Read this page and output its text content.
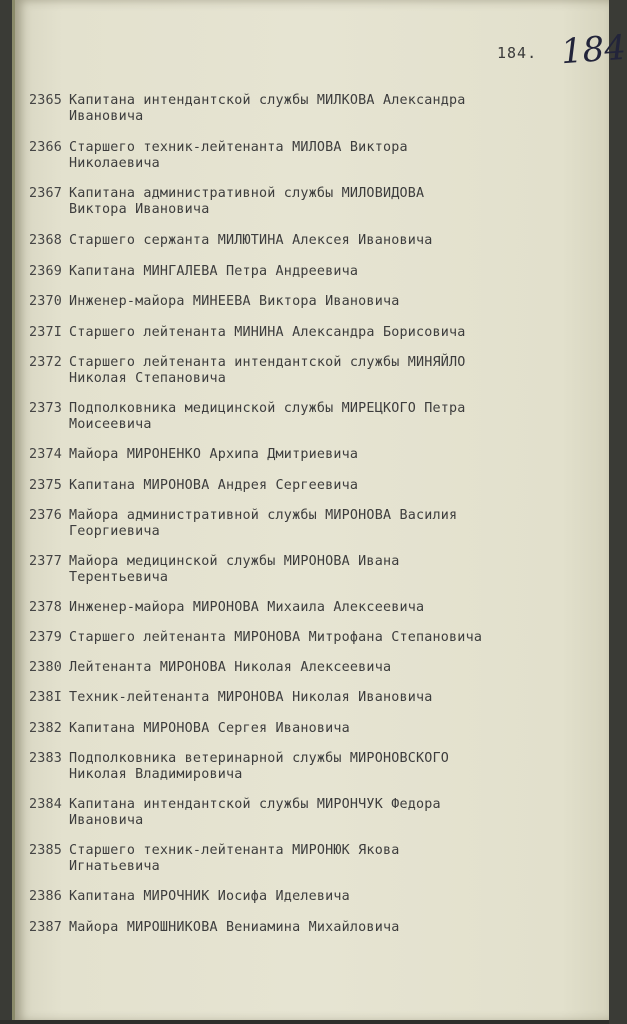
184. 184
2365 Капитана интендантской службы МИЛКОВА Александра
Ивановича
2366 Старшего техник-лейтенанта МИЛОВА Виктора
Николаевича
2367 Капитана административной службы МИЛОВИДОВА
Виктора Ивановича
2368 Старшего сержанта МИЛЮТИНА Алексея Ивановича
2369 Капитана МИНГАЛЕВА Петра Андреевича
2370 Инженер-майора МИНЕЕВА Виктора Ивановича
237I Старшего лейтенанта МИНИНА Александра Борисовича
2372 Старшего лейтенанта интендантской службы МИНЯЙЛО
Николая Степановича
2373 Подполковника медицинской службы МИРЕЦКОГО Петра
Моисеевича
2374 Майора МИРОНЕНКО Архипа Дмитриевича
2375 Капитана МИРОНОВА Андрея Сергеевича
2376 Майора административной службы МИРОНОВА Василия
Георгиевича
2377 Майора медицинской службы МИРОНОВА Ивана
Терентьевича
2378 Инженер-майора МИРОНОВА Михаила Алексеевича
2379 Старшего лейтенанта МИРОНОВА Митрофана Степановича
2380 Лейтенанта МИРОНОВА Николая Алексеевича
238I Техник-лейтенанта МИРОНОВА Николая Ивановича
2382 Капитана МИРОНОВА Сергея Ивановича
2383 Подполковника ветеринарной службы МИРОНОВСКОГО
Николая Владимировича
2384 Капитана интендантской службы МИРОНЧУК Федора
Ивановича
2385 Старшего техник-лейтенанта МИРОНЮК Якова
Игнатьевича
2386 Капитана МИРОЧНИК Иосифа Иделевича
2387 Майора МИРОШНИКОВА Вениамина Михайловича
